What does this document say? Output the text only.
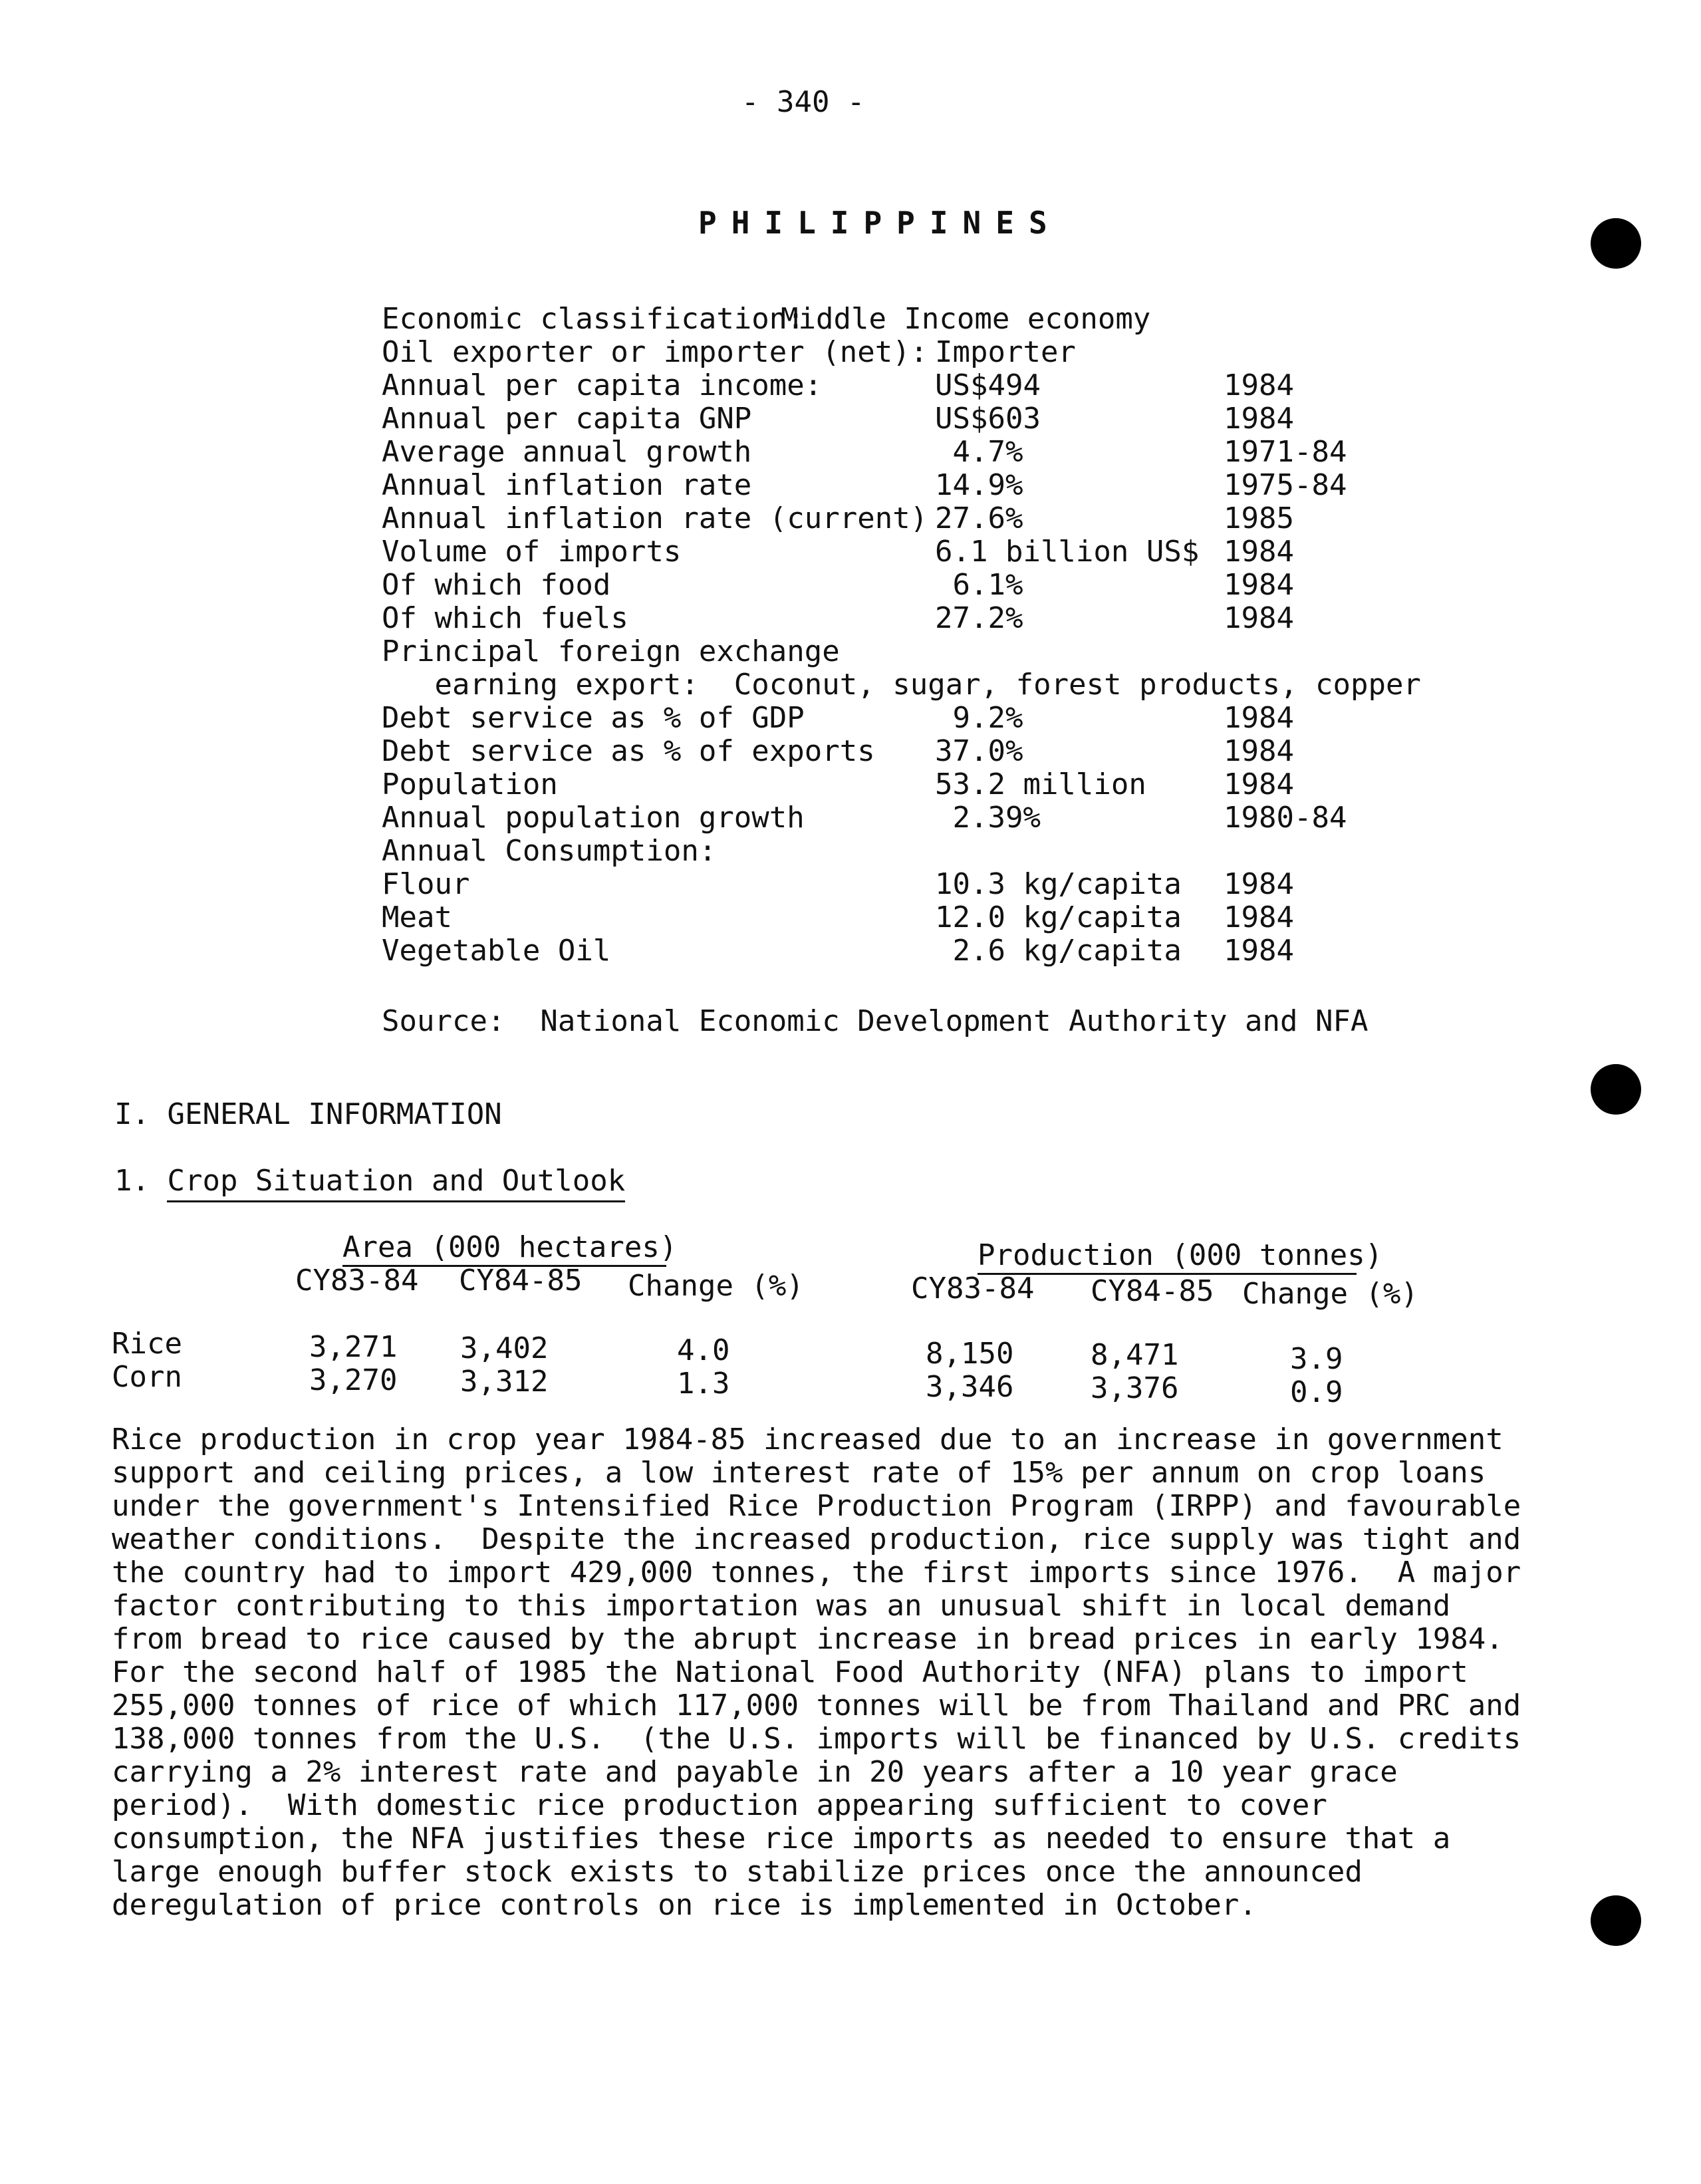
- 340 -
PHILIPPINES
Economic classification:
Middle Income economy
Oil exporter or importer (net): Importer
Annual per capita income:	US$494	1984
Annual per capita GNP	US$603	1984
Average annual growth	4.7%	1971-84
Annual inflation rate	14.9%	1975-84
Annual inflation rate (current) 27.6%	1985
Volume of imports	6.1 billion US$ 1984
Of which food	6.1%	1984
Of which fuels	27.2%	1984
Principal foreign exchange
earning export:  Coconut, sugar, forest products, copper
Debt service as % of GDP	9.2%	1984
Debt service as % of exports 37.0%	1984
Population	53.2 million	1984
Annual population growth	2.39%	1980-84
Annual Consumption:
Flour	10.3 kg/capita 1984
Meat	12.0 kg/capita 1984
Vegetable Oil	2.6 kg/capita 1984
Source:  National Economic Development Authority and NFA
I. GENERAL INFORMATION
1. Crop Situation and Outlook
Area (000 hectares)	Production (000 tonnes)
CY83-84 CY84-85 Change (%)	CY83-84 CY84-85 Change (%)
Rice	3,271 3,402	4.0	8,150	8,471	3.9
Corn	3,270 3,312	1.3	3,346	3,376	0.9
Rice production in crop year 1984-85 increased due to an increase in government
support and ceiling prices, a low interest rate of 15% per annum on crop loans
under the government's Intensified Rice Production Program (IRPP) and favourable
weather conditions.  Despite the increased production, rice supply was tight and
the country had to import 429,000 tonnes, the first imports since 1976.  A major
factor contributing to this importation was an unusual shift in local demand
from bread to rice caused by the abrupt increase in bread prices in early 1984.
For the second half of 1985 the National Food Authority (NFA) plans to import
255,000 tonnes of rice of which 117,000 tonnes will be from Thailand and PRC and
138,000 tonnes from the U.S.  (the U.S. imports will be financed by U.S. credits
carrying a 2% interest rate and payable in 20 years after a 10 year grace
period).  With domestic rice production appearing sufficient to cover
consumption, the NFA justifies these rice imports as needed to ensure that a
large enough buffer stock exists to stabilize prices once the announced
deregulation of price controls on rice is implemented in October.
